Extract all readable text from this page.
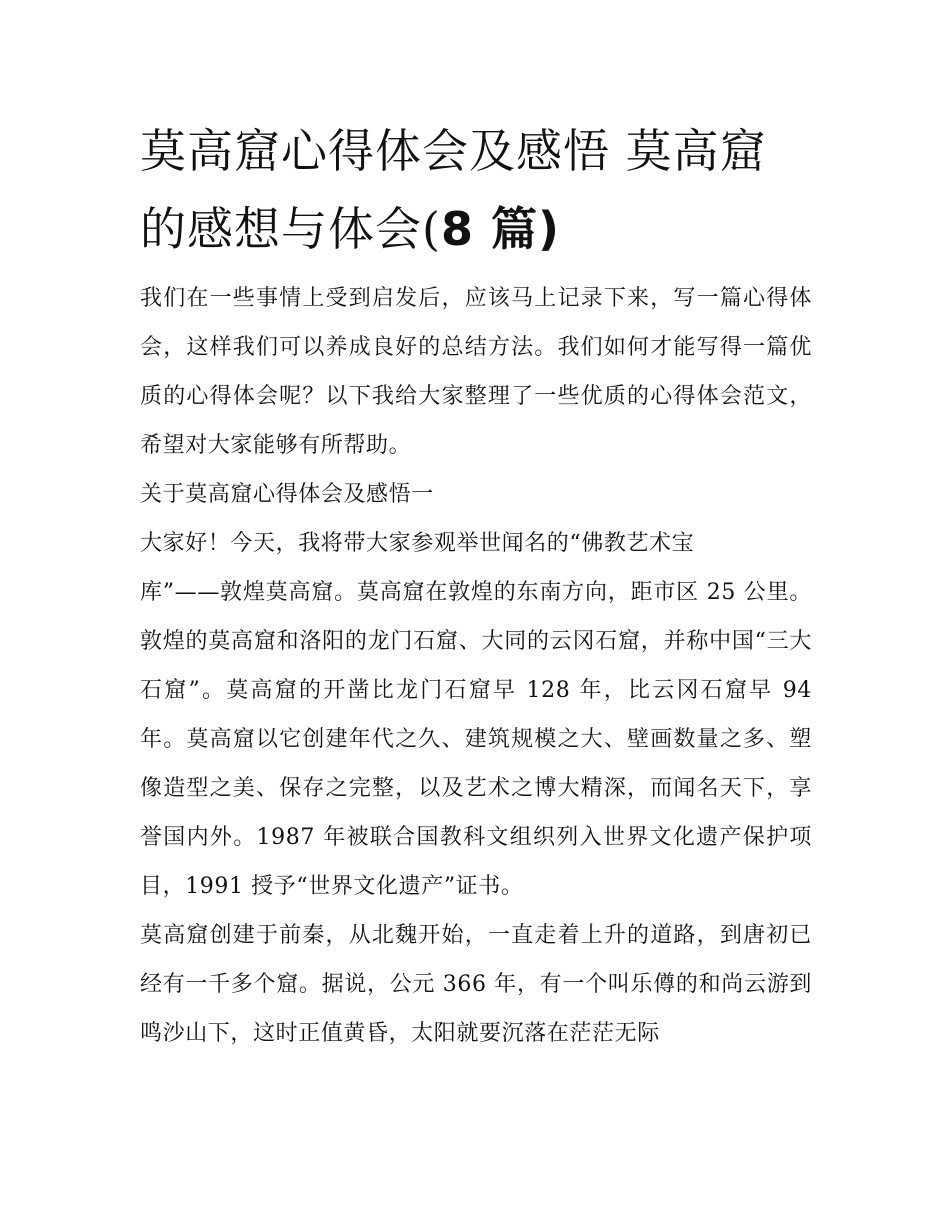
莫高窟心得体会及感悟 莫高窟的感想与体会(8 篇)

我们在一些事情上受到启发后，应该马上记录下来，写一篇心得体会，这样我们可以养成良好的总结方法。我们如何才能写得一篇优质的心得体会呢？以下我给大家整理了一些优质的心得体会范文，希望对大家能够有所帮助。

关于莫高窟心得体会及感悟一

大家好！今天，我将带大家参观举世闻名的“佛教艺术宝

库”——敦煌莫高窟。莫高窟在敦煌的东南方向，距市区 25 公里。敦煌的莫高窟和洛阳的龙门石窟、大同的云冈石窟，并称中国“三大石窟”。莫高窟的开凿比龙门石窟早 128 年，比云冈石窟早 94 年。莫高窟以它创建年代之久、建筑规模之大、壁画数量之多、塑像造型之美、保存之完整，以及艺术之博大精深，而闻名天下，享誉国内外。1987 年被联合国教科文组织列入世界文化遗产保护项目，1991 授予“世界文化遗产”证书。

莫高窟创建于前秦，从北魏开始，一直走着上升的道路，到唐初已经有一千多个窟。据说，公元 366 年，有一个叫乐僔的和尚云游到鸣沙山下，这时正值黄昏，太阳就要沉落在茫茫无际
